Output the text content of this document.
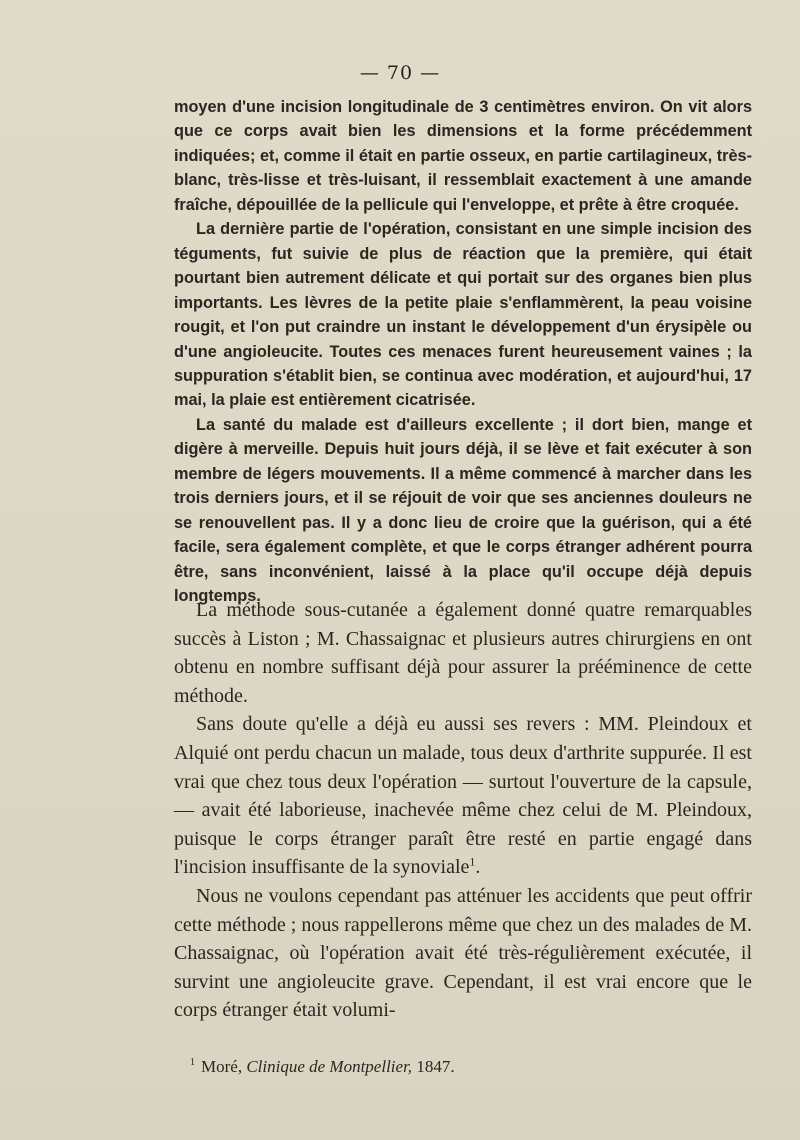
— 70 —

moyen d'une incision longitudinale de 3 centimètres environ. On vit alors que ce corps avait bien les dimensions et la forme précédemment indiquées; et, comme il était en partie osseux, en partie cartilagineux, très-blanc, très-lisse et très-luisant, il ressemblait exactement à une amande fraîche, dépouillée de la pellicule qui l'enveloppe, et prête à être croquée.

La dernière partie de l'opération, consistant en une simple incision des téguments, fut suivie de plus de réaction que la première, qui était pourtant bien autrement délicate et qui portait sur des organes bien plus importants. Les lèvres de la petite plaie s'enflammèrent, la peau voisine rougit, et l'on put craindre un instant le développement d'un érysipèle ou d'une angioleucite. Toutes ces menaces furent heureusement vaines ; la suppuration s'établit bien, se continua avec modération, et aujourd'hui, 17 mai, la plaie est entièrement cicatrisée.

La santé du malade est d'ailleurs excellente ; il dort bien, mange et digère à merveille. Depuis huit jours déjà, il se lève et fait exécuter à son membre de légers mouvements. Il a même commencé à marcher dans les trois derniers jours, et il se réjouit de voir que ses anciennes douleurs ne se renouvellent pas. Il y a donc lieu de croire que la guérison, qui a été facile, sera également complète, et que le corps étranger adhérent pourra être, sans inconvénient, laissé à la place qu'il occupe déjà depuis longtemps.

La méthode sous-cutanée a également donné quatre remarquables succès à Liston ; M. Chassaignac et plusieurs autres chirurgiens en ont obtenu en nombre suffisant déjà pour assurer la prééminence de cette méthode.

Sans doute qu'elle a déjà eu aussi ses revers : MM. Pleindoux et Alquié ont perdu chacun un malade, tous deux d'arthrite suppurée. Il est vrai que chez tous deux l'opération — surtout l'ouverture de la capsule, — avait été laborieuse, inachevée même chez celui de M. Pleindoux, puisque le corps étranger paraît être resté en partie engagé dans l'incision insuffisante de la synoviale$^1$.

Nous ne voulons cependant pas atténuer les accidents que peut offrir cette méthode ; nous rappellerons même que chez un des malades de M. Chassaignac, où l'opération avait été très-régulièrement exécutée, il survint une angioleucite grave. Cependant, il est vrai encore que le corps étranger était volumi-

$^1$ Moré, Clinique de Montpellier, 1847.
